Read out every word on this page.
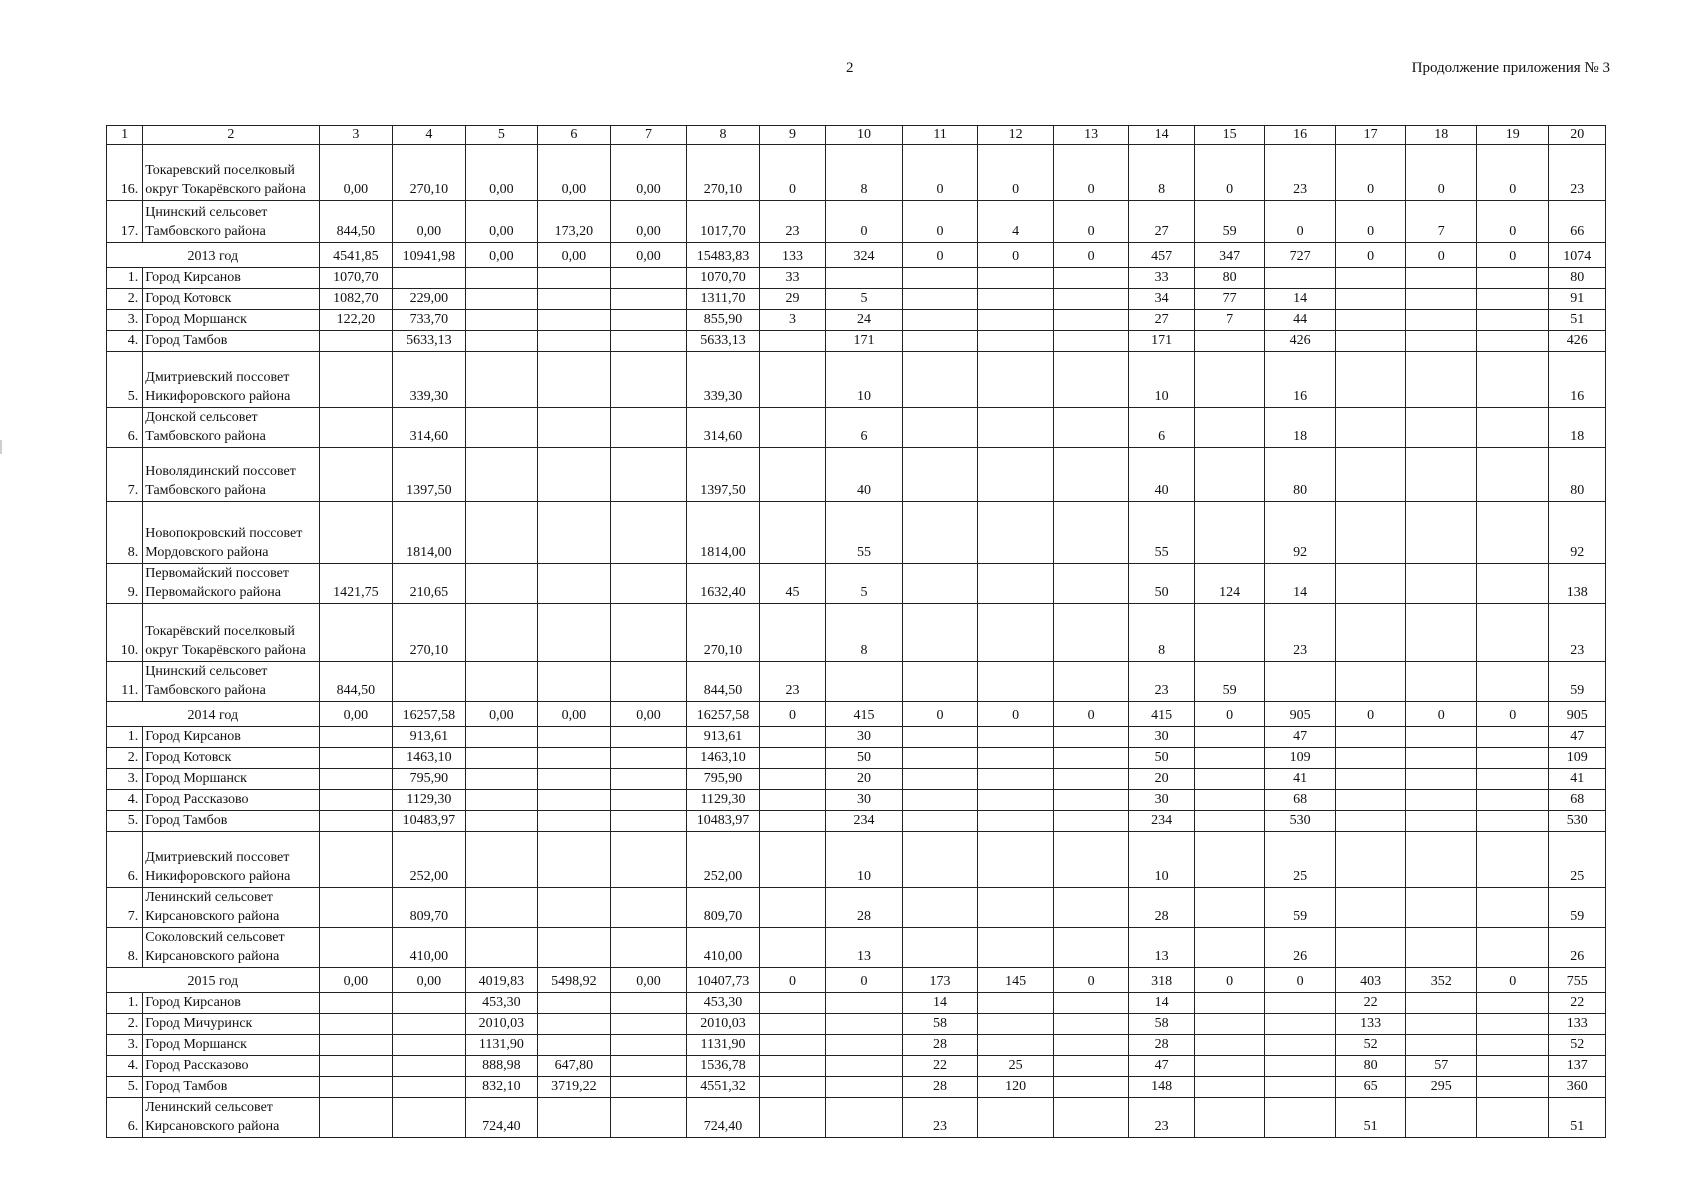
2	Продолжение приложения № 3
1	2	3	4	5	6	7	8	9	10	11	12	13	14	15	16	17	18	19	20
16.	Токаревский поселковый округ Токарёвского района	0,00	270,10	0,00	0,00	0,00	270,10	0	8	0	0	0	8	0	23	0	0	0	23
17.	Цнинский сельсовет Тамбовского района	844,50	0,00	0,00	173,20	0,00	1017,70	23	0	0	4	0	27	59	0	0	7	0	66
2013 год		4541,85	10941,98	0,00	0,00	0,00	15483,83	133	324	0	0	0	457	347	727	0	0	0	1074
1.	Город Кирсанов	1070,70					1070,70	33					33	80					80
2.	Город Котовск	1082,70	229,00				1311,70	29	5				34	77	14				91
3.	Город Моршанск	122,20	733,70				855,90	3	24				27	7	44				51
4.	Город Тамбов		5633,13				5633,13		171				171		426				426
5.	Дмитриевский поссовет Никифоровского района		339,30				339,30		10				10		16				16
6.	Донской сельсовет Тамбовского района		314,60				314,60		6				6		18				18
7.	Новолядинский поссовет Тамбовского района		1397,50				1397,50		40				40		80				80
8.	Новопокровский поссовет Мордовского района		1814,00				1814,00		55				55		92				92
9.	Первомайский поссовет Первомайского района	1421,75	210,65				1632,40	45	5				50	124	14				138
10.	Токарёвский поселковый округ Токарёвского района		270,10				270,10		8				8		23				23
11.	Цнинский сельсовет Тамбовского района	844,50					844,50	23					23	59					59
2014 год		0,00	16257,58	0,00	0,00	0,00	16257,58	0	415	0	0	0	415	0	905	0	0	0	905
1.	Город Кирсанов		913,61				913,61		30				30		47				47
2.	Город Котовск		1463,10				1463,10		50				50		109				109
3.	Город Моршанск		795,90				795,90		20				20		41				41
4.	Город Рассказово		1129,30				1129,30		30				30		68				68
5.	Город Тамбов		10483,97				10483,97		234				234		530				530
6.	Дмитриевский поссовет Никифоровского района		252,00				252,00		10				10		25				25
7.	Ленинский сельсовет Кирсановского района		809,70				809,70		28				28		59				59
8.	Соколовский сельсовет Кирсановского района		410,00				410,00		13				13		26				26
2015 год		0,00	0,00	4019,83	5498,92	0,00	10407,73	0	0	173	145	0	318	0	0	403	352	0	755
1.	Город Кирсанов			453,30			453,30			14			14			22			22
2.	Город Мичуринск			2010,03			2010,03			58			58			133			133
3.	Город Моршанск			1131,90			1131,90			28			28			52			52
4.	Город Рассказово			888,98	647,80		1536,78			22	25		47			80	57		137
5.	Город Тамбов			832,10	3719,22		4551,32			28	120		148			65	295		360
6.	Ленинский сельсовет Кирсановского района			724,40			724,40			23			23			51			51
